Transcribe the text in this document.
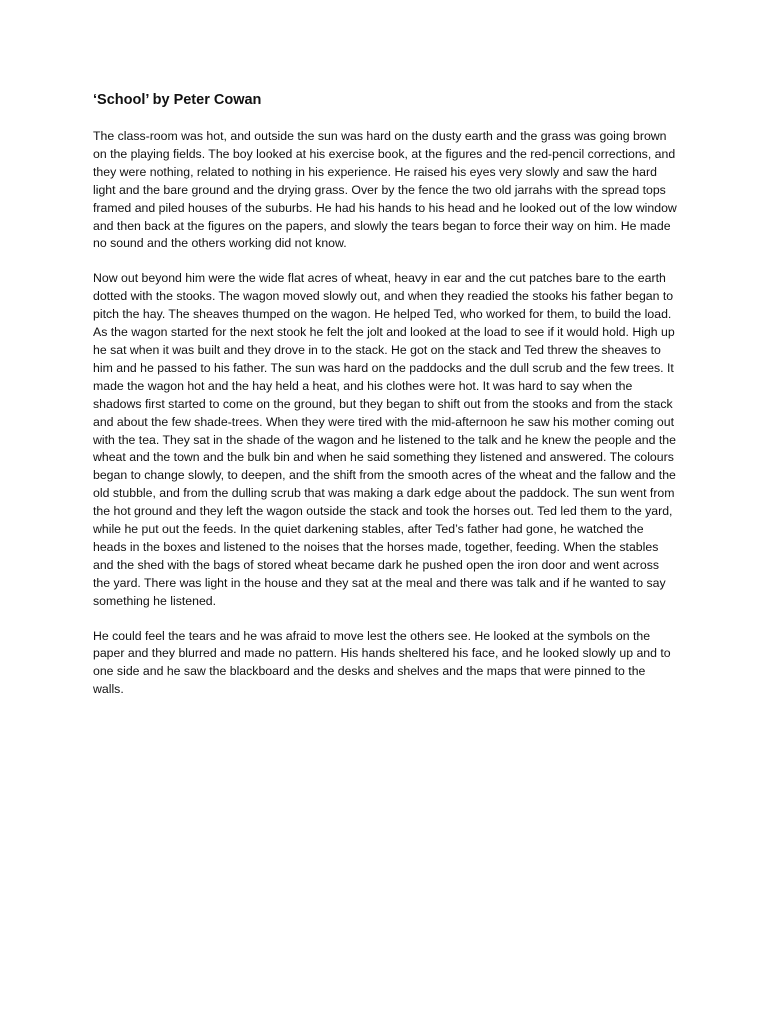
‘School’ by Peter Cowan

The class-room was hot, and outside the sun was hard on the dusty earth and the grass was going brown on the playing fields. The boy looked at his exercise book, at the figures and the red-pencil corrections, and they were nothing, related to nothing in his experience. He raised his eyes very slowly and saw the hard light and the bare ground and the drying grass. Over by the fence the two old jarrahs with the spread tops framed and piled houses of the suburbs. He had his hands to his head and he looked out of the low window and then back at the figures on the papers, and slowly the tears began to force their way on him. He made no sound and the others working did not know.

Now out beyond him were the wide flat acres of wheat, heavy in ear and the cut patches bare to the earth dotted with the stooks. The wagon moved slowly out, and when they readied the stooks his father began to pitch the hay. The sheaves thumped on the wagon. He helped Ted, who worked for them, to build the load. As the wagon started for the next stook he felt the jolt and looked at the load to see if it would hold. High up he sat when it was built and they drove in to the stack. He got on the stack and Ted threw the sheaves to him and he passed to his father. The sun was hard on the paddocks and the dull scrub and the few trees. It made the wagon hot and the hay held a heat, and his clothes were hot. It was hard to say when the shadows first started to come on the ground, but they began to shift out from the stooks and from the stack and about the few shade-trees. When they were tired with the mid-afternoon he saw his mother coming out with the tea. They sat in the shade of the wagon and he listened to the talk and he knew the people and the wheat and the town and the bulk bin and when he said something they listened and answered. The colours began to change slowly, to deepen, and the shift from the smooth acres of the wheat and the fallow and the old stubble, and from the dulling scrub that was making a dark edge about the paddock. The sun went from the hot ground and they left the wagon outside the stack and took the horses out. Ted led them to the yard, while he put out the feeds. In the quiet darkening stables, after Ted’s father had gone, he watched the heads in the boxes and listened to the noises that the horses made, together, feeding. When the stables and the shed with the bags of stored wheat became dark he pushed open the iron door and went across the yard. There was light in the house and they sat at the meal and there was talk and if he wanted to say something he listened.

He could feel the tears and he was afraid to move lest the others see. He looked at the symbols on the paper and they blurred and made no pattern. His hands sheltered his face, and he looked slowly up and to one side and he saw the blackboard and the desks and shelves and the maps that were pinned to the walls.
